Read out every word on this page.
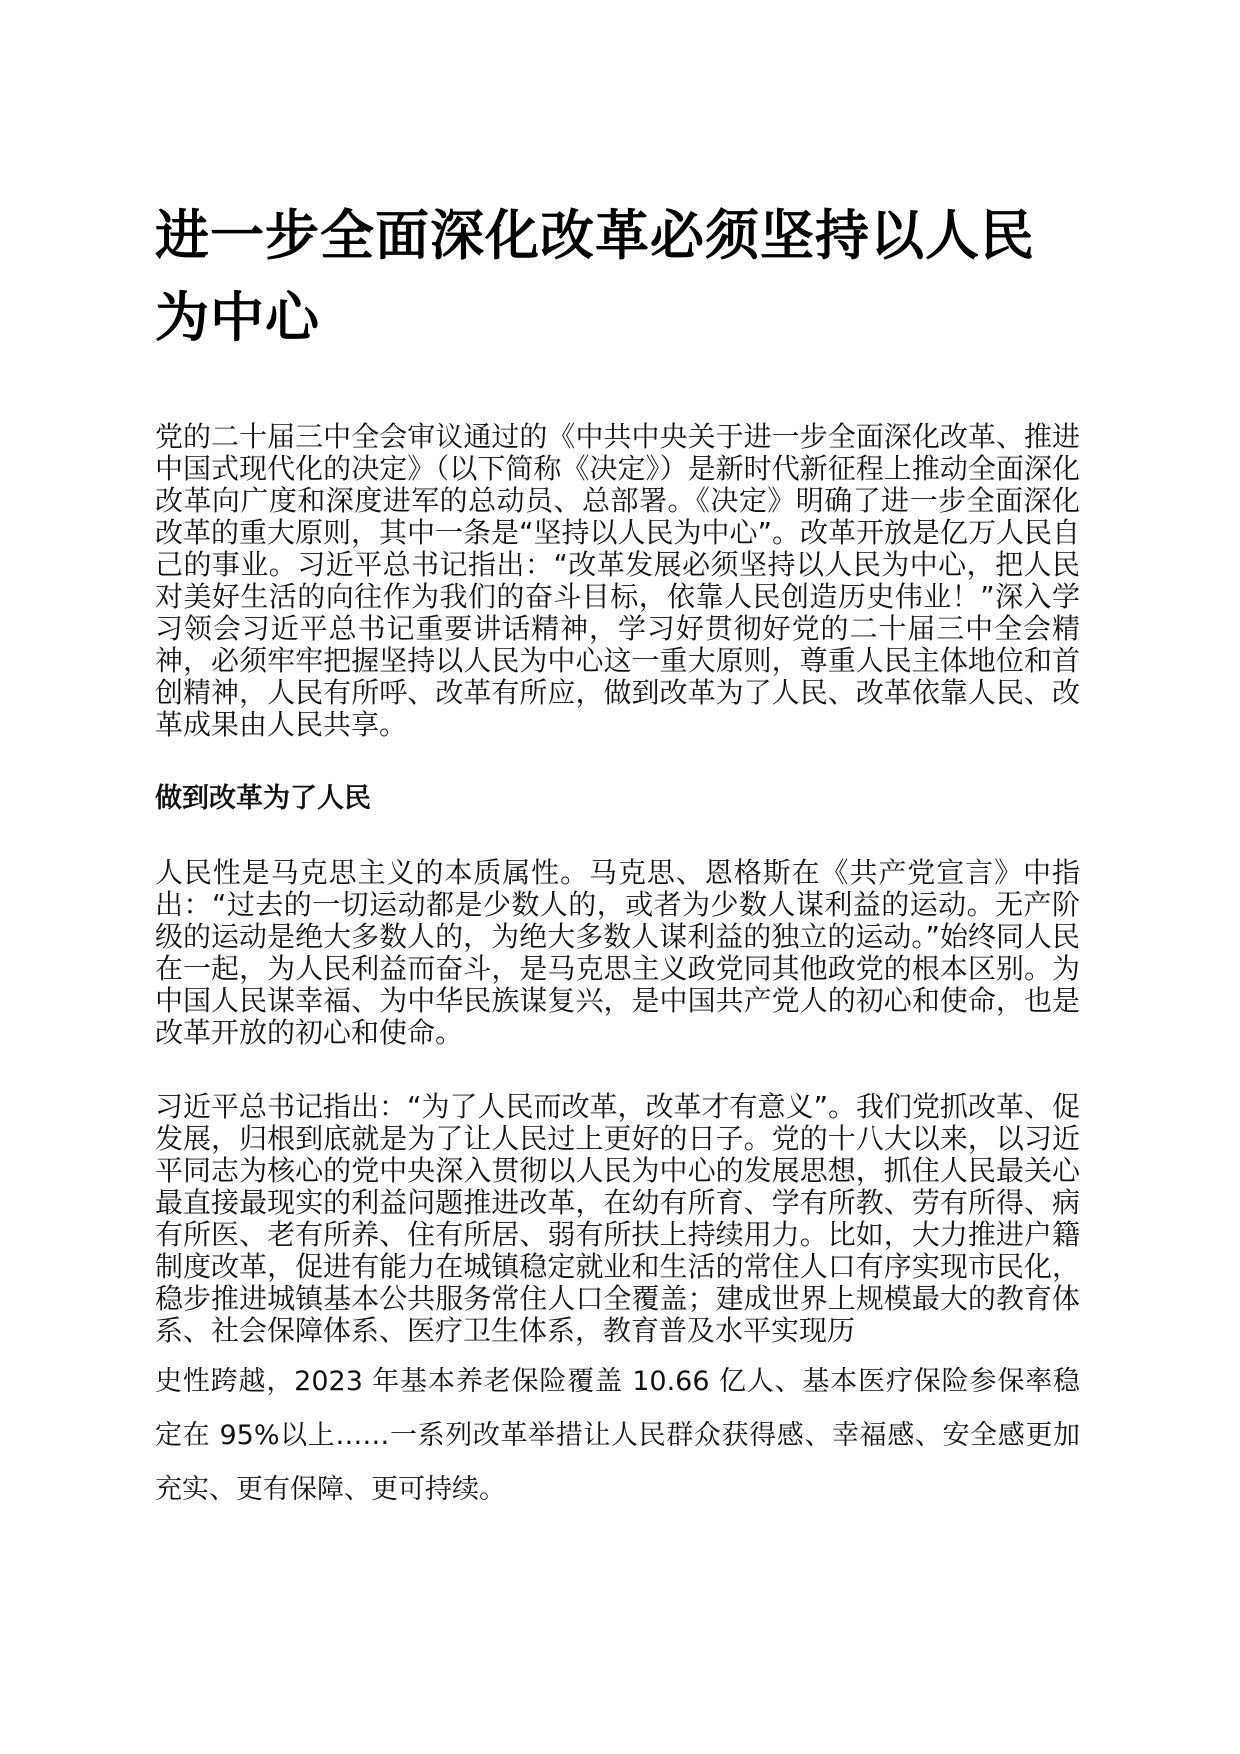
进一步全面深化改革必须坚持以人民为中心

党的二十届三中全会审议通过的《中共中央关于进一步全面深化改革、推进中国式现代化的决定》（以下简称《决定》）是新时代新征程上推动全面深化改革向广度和深度进军的总动员、总部署。《决定》明确了进一步全面深化改革的重大原则，其中一条是“坚持以人民为中心”。改革开放是亿万人民自己的事业。习近平总书记指出：“改革发展必须坚持以人民为中心，把人民对美好生活的向往作为我们的奋斗目标，依靠人民创造历史伟业！”深入学习领会习近平总书记重要讲话精神，学习好贯彻好党的二十届三中全会精神，必须牢牢把握坚持以人民为中心这一重大原则，尊重人民主体地位和首创精神，人民有所呼、改革有所应，做到改革为了人民、改革依靠人民、改革成果由人民共享。

做到改革为了人民

人民性是马克思主义的本质属性。马克思、恩格斯在《共产党宣言》中指出：“过去的一切运动都是少数人的，或者为少数人谋利益的运动。无产阶级的运动是绝大多数人的，为绝大多数人谋利益的独立的运动。”始终同人民在一起，为人民利益而奋斗，是马克思主义政党同其他政党的根本区别。为中国人民谋幸福、为中华民族谋复兴，是中国共产党人的初心和使命，也是改革开放的初心和使命。

习近平总书记指出：“为了人民而改革，改革才有意义”。我们党抓改革、促发展，归根到底就是为了让人民过上更好的日子。党的十八大以来，以习近平同志为核心的党中央深入贯彻以人民为中心的发展思想，抓住人民最关心最直接最现实的利益问题推进改革，在幼有所育、学有所教、劳有所得、病有所医、老有所养、住有所居、弱有所扶上持续用力。比如，大力推进户籍制度改革，促进有能力在城镇稳定就业和生活的常住人口有序实现市民化，稳步推进城镇基本公共服务常住人口全覆盖；建成世界上规模最大的教育体系、社会保障体系、医疗卫生体系，教育普及水平实现历

史性跨越，2023 年基本养老保险覆盖 10.66 亿人、基本医疗保险参保率稳定在 95%以上……一系列改革举措让人民群众获得感、幸福感、安全感更加充实、更有保障、更可持续。
